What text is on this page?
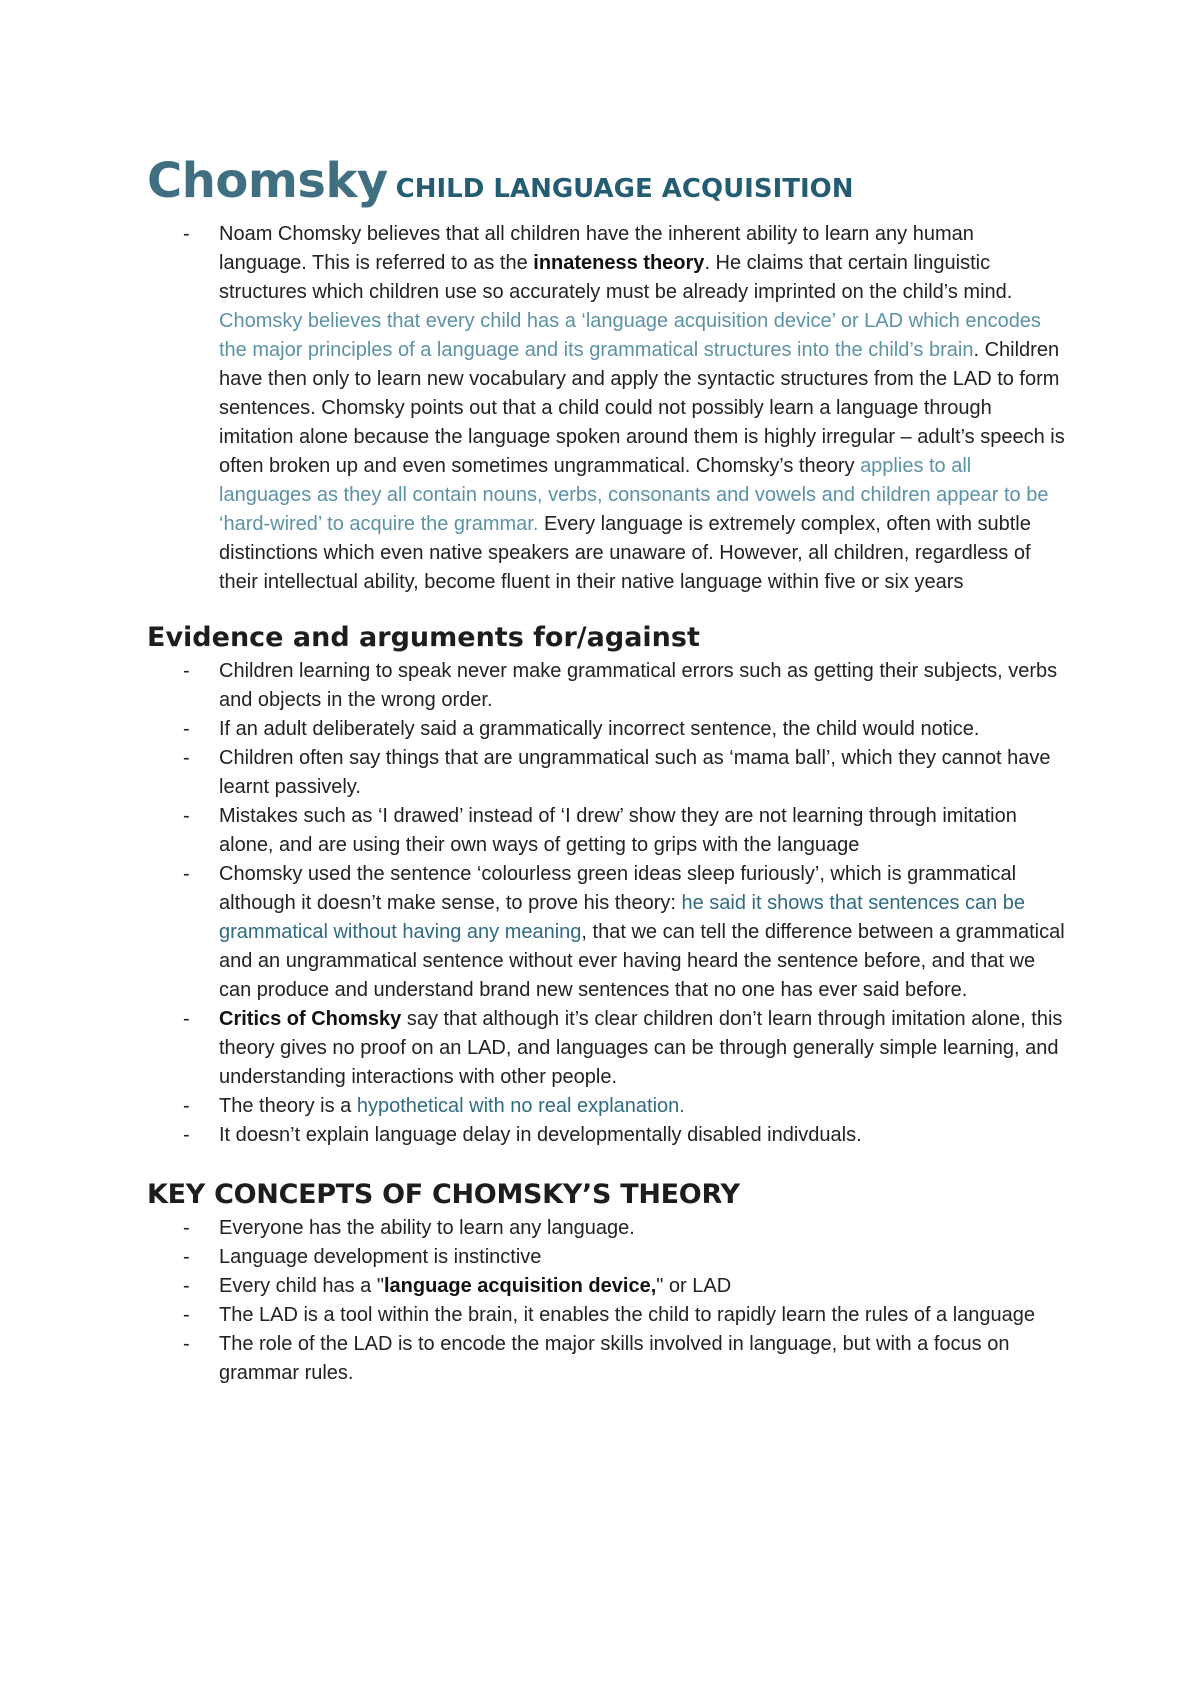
Chomsky CHILD LANGUAGE ACQUISITION
- Noam Chomsky believes that all children have the inherent ability to learn any human language. This is referred to as the innateness theory. He claims that certain linguistic structures which children use so accurately must be already imprinted on the child’s mind. Chomsky believes that every child has a ‘language acquisition device’ or LAD which encodes the major principles of a language and its grammatical structures into the child’s brain. Children have then only to learn new vocabulary and apply the syntactic structures from the LAD to form sentences. Chomsky points out that a child could not possibly learn a language through imitation alone because the language spoken around them is highly irregular – adult’s speech is often broken up and even sometimes ungrammatical. Chomsky’s theory applies to all languages as they all contain nouns, verbs, consonants and vowels and children appear to be ‘hard-wired’ to acquire the grammar. Every language is extremely complex, often with subtle distinctions which even native speakers are unaware of. However, all children, regardless of their intellectual ability, become fluent in their native language within five or six years
Evidence and arguments for/against
- Children learning to speak never make grammatical errors such as getting their subjects, verbs and objects in the wrong order.
- If an adult deliberately said a grammatically incorrect sentence, the child would notice.
- Children often say things that are ungrammatical such as ‘mama ball’, which they cannot have learnt passively.
- Mistakes such as ‘I drawed’ instead of ‘I drew’ show they are not learning through imitation alone, and are using their own ways of getting to grips with the language
- Chomsky used the sentence ‘colourless green ideas sleep furiously’, which is grammatical although it doesn’t make sense, to prove his theory: he said it shows that sentences can be grammatical without having any meaning, that we can tell the difference between a grammatical and an ungrammatical sentence without ever having heard the sentence before, and that we can produce and understand brand new sentences that no one has ever said before.
- Critics of Chomsky say that although it’s clear children don’t learn through imitation alone, this theory gives no proof on an LAD, and languages can be through generally simple learning, and understanding interactions with other people.
- The theory is a hypothetical with no real explanation.
- It doesn’t explain language delay in developmentally disabled indivduals.
KEY CONCEPTS OF CHOMSKY’S THEORY
- Everyone has the ability to learn any language.
- Language development is instinctive
- Every child has a "language acquisition device," or LAD
- The LAD is a tool within the brain, it enables the child to rapidly learn the rules of a language
- The role of the LAD is to encode the major skills involved in language, but with a focus on grammar rules.
